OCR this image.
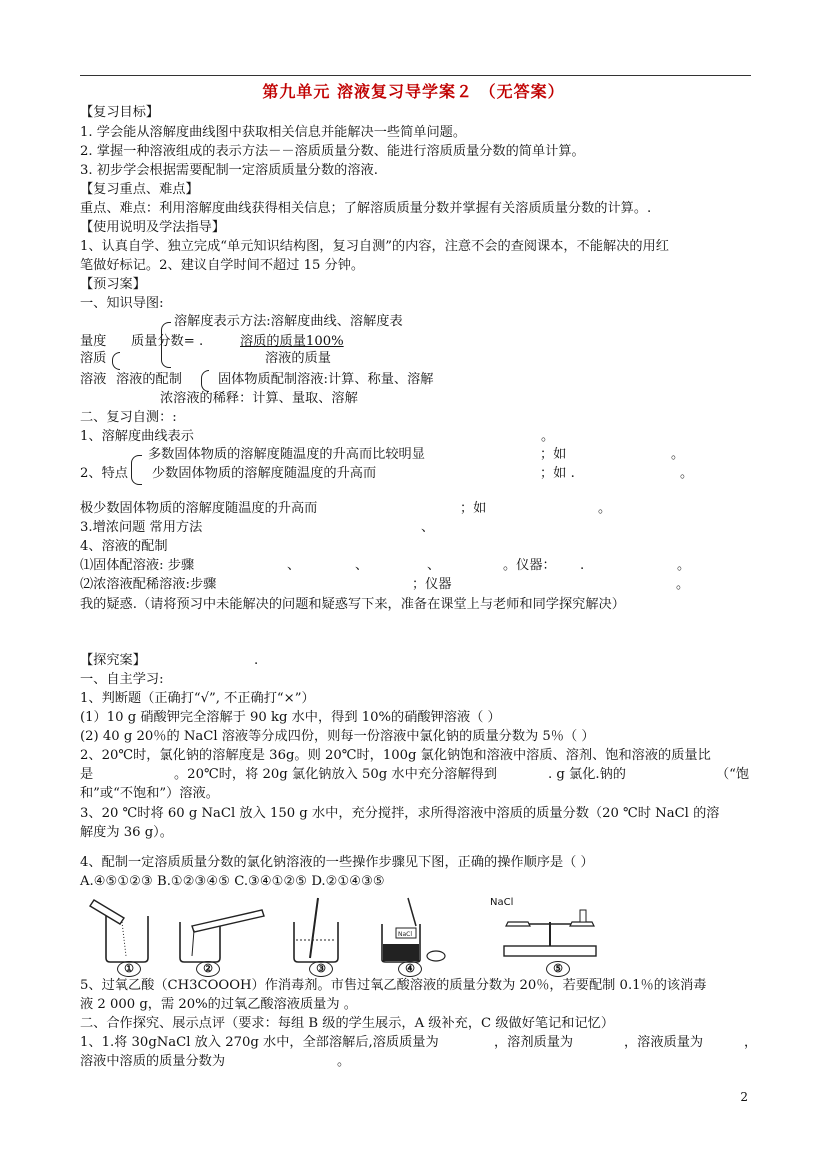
第九单元 溶液复习导学案２ （无答案）
【复习目标】
1. 学会能从溶解度曲线图中获取相关信息并能解决一些简单问题。
2. 掌握一种溶液组成的表示方法－－溶质质量分数、能进行溶质质量分数的简单计算。
3. 初步学会根据需要配制一定溶质质量分数的溶液.
【复习重点、难点】
重点、难点：利用溶解度曲线获得相关信息；了解溶质质量分数并掌握有关溶质质量分数的计算。.
【使用说明及学法指导】
1、认真自学、独立完成“单元知识结构图，复习自测”的内容，注意不会的查阅课本，不能解决的用红
笔做好标记。2、建议自学时间不超过 15 分钟。
【预习案】
一、知识导图:
溶解度表示方法:溶解度曲线、溶解度表
量度 质量分数= .	溶质的质量100%
溶质	溶液的质量
溶液 溶液的配制	固体物质配制溶液:计算、称量、溶解
浓溶液的稀释：计算、量取、溶解
二、复习自测：:
1、溶解度曲线表示	。
多数固体物质的溶解度随温度的升高而比较明显	；如	。
2、特点 少数固体物质的溶解度随温度的升高而	；如 .	。
极少数固体物质的溶解度随温度的升高而	；如	。
3.增浓问题 常用方法	、
4、溶液的配制
⑴固体配溶液: 步骤	、	、	、	。仪器： .	。
⑵浓溶液配稀溶液:步骤	；仪器	。
我的疑惑.（请将预习中未能解决的问题和疑惑写下来，准备在课堂上与老师和同学探究解决）
【探究案】	.
一、自主学习:
1、判断题（正确打“√”, 不正确打“×”）
(1）10 g 硝酸钾完全溶解于 90 kg 水中，得到 10%的硝酸钾溶液（ ）
(2) 40 g 20％的 NaCl 溶液等分成四份，则每一份溶液中氯化钠的质量分数为 5％（ ）
2、20℃时，氯化钠的溶解度是 36g。则 20℃时，100g 氯化钠饱和溶液中溶质、溶剂、饱和溶液的质量比
是	。20℃时，将 20g 氯化钠放入 50g 水中充分溶解得到	. g 氯化.钠的	（“饱
和”或“不饱和”）溶液。
3、20 ℃时将 60 g NaCl 放入 150 g 水中，充分搅拌，求所得溶液中溶质的质量分数（20 ℃时 NaCl 的溶
解度为 36 g）。
4、配制一定溶质质量分数的氯化钠溶液的一些操作步骤见下图，正确的操作顺序是（ ）
A.④⑤①②③ B.①②③④⑤ C.③④①②⑤ D.②①④③⑤
①	②	③
NaCl
④
NaCl
⑤
5、过氧乙酸（CH3COOOH）作消毒剂。市售过氧乙酸溶液的质量分数为 20％，若要配制 0.1％的该消毒
液 2 000 g，需 20%的过氧乙酸溶液质量为 。
二、合作探究、展示点评（要求：每组 B 级的学生展示，A 级补充，C 级做好笔记和记忆）
1、1.将 30gNaCl 放入 270g 水中，全部溶解后,溶质质量为	，溶剂质量为	，溶液质量为	，
溶液中溶质的质量分数为	。
2
